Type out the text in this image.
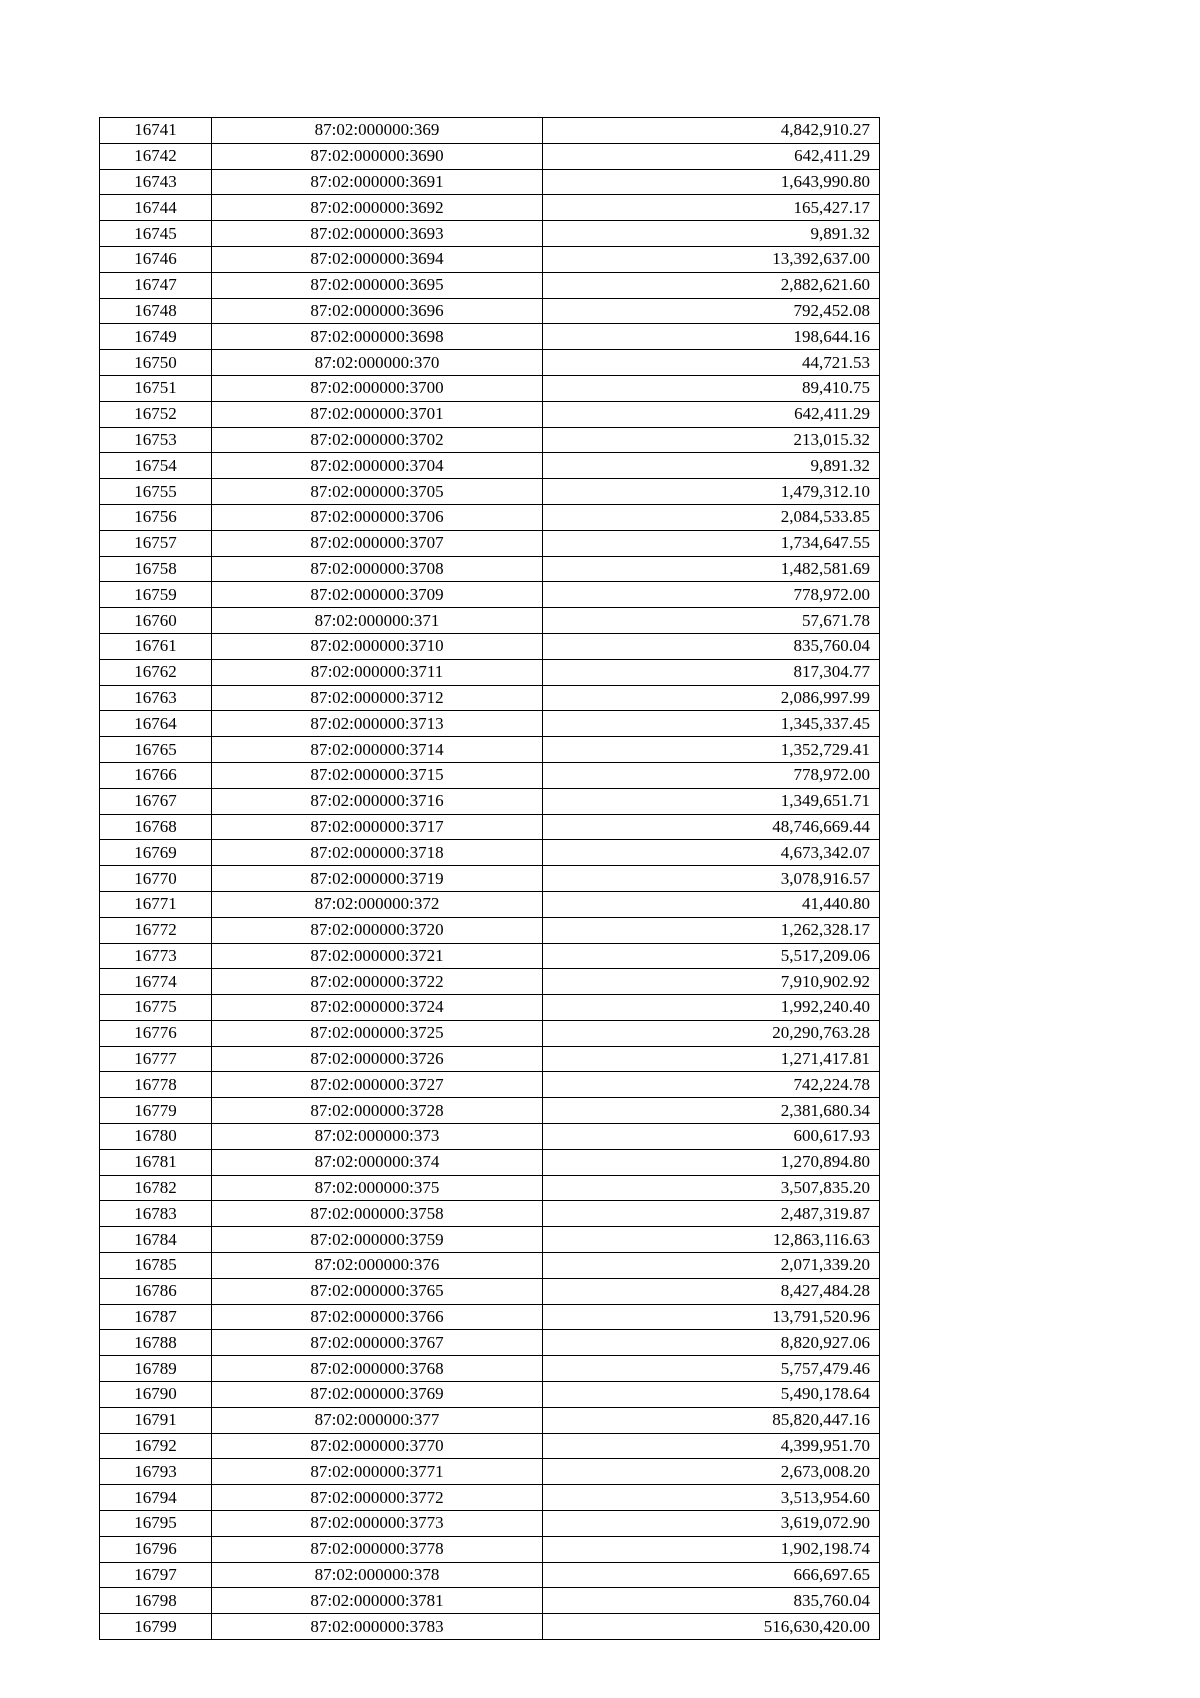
16741	87:02:000000:369	4,842,910.27
16742	87:02:000000:3690	642,411.29
16743	87:02:000000:3691	1,643,990.80
16744	87:02:000000:3692	165,427.17
16745	87:02:000000:3693	9,891.32
16746	87:02:000000:3694	13,392,637.00
16747	87:02:000000:3695	2,882,621.60
16748	87:02:000000:3696	792,452.08
16749	87:02:000000:3698	198,644.16
16750	87:02:000000:370	44,721.53
16751	87:02:000000:3700	89,410.75
16752	87:02:000000:3701	642,411.29
16753	87:02:000000:3702	213,015.32
16754	87:02:000000:3704	9,891.32
16755	87:02:000000:3705	1,479,312.10
16756	87:02:000000:3706	2,084,533.85
16757	87:02:000000:3707	1,734,647.55
16758	87:02:000000:3708	1,482,581.69
16759	87:02:000000:3709	778,972.00
16760	87:02:000000:371	57,671.78
16761	87:02:000000:3710	835,760.04
16762	87:02:000000:3711	817,304.77
16763	87:02:000000:3712	2,086,997.99
16764	87:02:000000:3713	1,345,337.45
16765	87:02:000000:3714	1,352,729.41
16766	87:02:000000:3715	778,972.00
16767	87:02:000000:3716	1,349,651.71
16768	87:02:000000:3717	48,746,669.44
16769	87:02:000000:3718	4,673,342.07
16770	87:02:000000:3719	3,078,916.57
16771	87:02:000000:372	41,440.80
16772	87:02:000000:3720	1,262,328.17
16773	87:02:000000:3721	5,517,209.06
16774	87:02:000000:3722	7,910,902.92
16775	87:02:000000:3724	1,992,240.40
16776	87:02:000000:3725	20,290,763.28
16777	87:02:000000:3726	1,271,417.81
16778	87:02:000000:3727	742,224.78
16779	87:02:000000:3728	2,381,680.34
16780	87:02:000000:373	600,617.93
16781	87:02:000000:374	1,270,894.80
16782	87:02:000000:375	3,507,835.20
16783	87:02:000000:3758	2,487,319.87
16784	87:02:000000:3759	12,863,116.63
16785	87:02:000000:376	2,071,339.20
16786	87:02:000000:3765	8,427,484.28
16787	87:02:000000:3766	13,791,520.96
16788	87:02:000000:3767	8,820,927.06
16789	87:02:000000:3768	5,757,479.46
16790	87:02:000000:3769	5,490,178.64
16791	87:02:000000:377	85,820,447.16
16792	87:02:000000:3770	4,399,951.70
16793	87:02:000000:3771	2,673,008.20
16794	87:02:000000:3772	3,513,954.60
16795	87:02:000000:3773	3,619,072.90
16796	87:02:000000:3778	1,902,198.74
16797	87:02:000000:378	666,697.65
16798	87:02:000000:3781	835,760.04
16799	87:02:000000:3783	516,630,420.00
